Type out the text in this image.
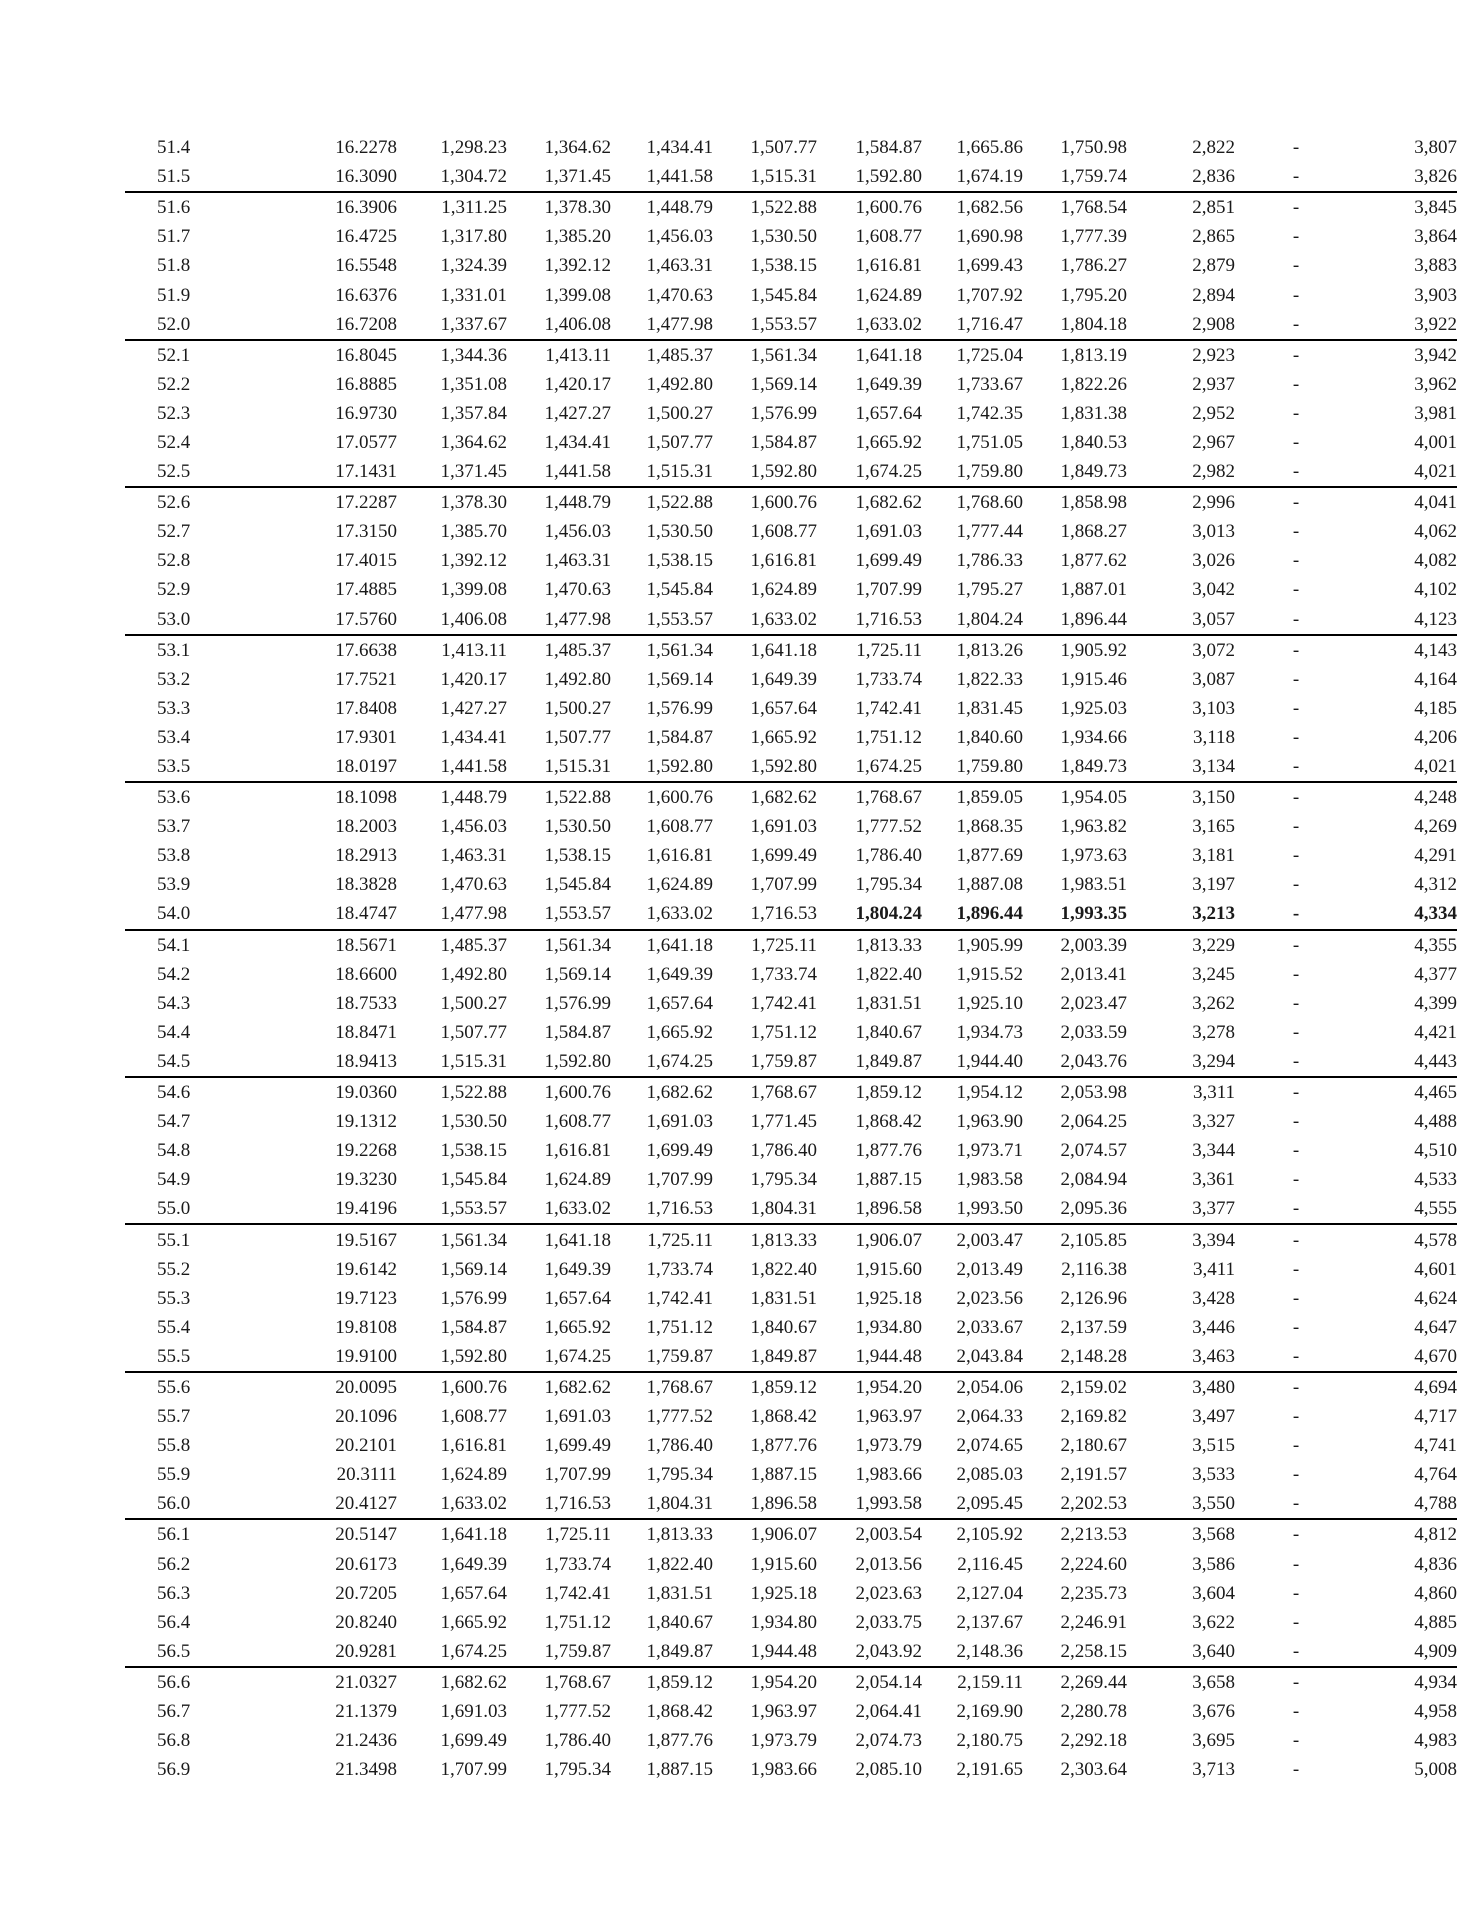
51.4	16.2278	1,298.23	1,364.62	1,434.41	1,507.77	1,584.87	1,665.86	1,750.98	2,822	-	3,807
51.5	16.3090	1,304.72	1,371.45	1,441.58	1,515.31	1,592.80	1,674.19	1,759.74	2,836	-	3,826
51.6	16.3906	1,311.25	1,378.30	1,448.79	1,522.88	1,600.76	1,682.56	1,768.54	2,851	-	3,845
51.7	16.4725	1,317.80	1,385.20	1,456.03	1,530.50	1,608.77	1,690.98	1,777.39	2,865	-	3,864
51.8	16.5548	1,324.39	1,392.12	1,463.31	1,538.15	1,616.81	1,699.43	1,786.27	2,879	-	3,883
51.9	16.6376	1,331.01	1,399.08	1,470.63	1,545.84	1,624.89	1,707.92	1,795.20	2,894	-	3,903
52.0	16.7208	1,337.67	1,406.08	1,477.98	1,553.57	1,633.02	1,716.47	1,804.18	2,908	-	3,922
52.1	16.8045	1,344.36	1,413.11	1,485.37	1,561.34	1,641.18	1,725.04	1,813.19	2,923	-	3,942
52.2	16.8885	1,351.08	1,420.17	1,492.80	1,569.14	1,649.39	1,733.67	1,822.26	2,937	-	3,962
52.3	16.9730	1,357.84	1,427.27	1,500.27	1,576.99	1,657.64	1,742.35	1,831.38	2,952	-	3,981
52.4	17.0577	1,364.62	1,434.41	1,507.77	1,584.87	1,665.92	1,751.05	1,840.53	2,967	-	4,001
52.5	17.1431	1,371.45	1,441.58	1,515.31	1,592.80	1,674.25	1,759.80	1,849.73	2,982	-	4,021
52.6	17.2287	1,378.30	1,448.79	1,522.88	1,600.76	1,682.62	1,768.60	1,858.98	2,996	-	4,041
52.7	17.3150	1,385.70	1,456.03	1,530.50	1,608.77	1,691.03	1,777.44	1,868.27	3,013	-	4,062
52.8	17.4015	1,392.12	1,463.31	1,538.15	1,616.81	1,699.49	1,786.33	1,877.62	3,026	-	4,082
52.9	17.4885	1,399.08	1,470.63	1,545.84	1,624.89	1,707.99	1,795.27	1,887.01	3,042	-	4,102
53.0	17.5760	1,406.08	1,477.98	1,553.57	1,633.02	1,716.53	1,804.24	1,896.44	3,057	-	4,123
53.1	17.6638	1,413.11	1,485.37	1,561.34	1,641.18	1,725.11	1,813.26	1,905.92	3,072	-	4,143
53.2	17.7521	1,420.17	1,492.80	1,569.14	1,649.39	1,733.74	1,822.33	1,915.46	3,087	-	4,164
53.3	17.8408	1,427.27	1,500.27	1,576.99	1,657.64	1,742.41	1,831.45	1,925.03	3,103	-	4,185
53.4	17.9301	1,434.41	1,507.77	1,584.87	1,665.92	1,751.12	1,840.60	1,934.66	3,118	-	4,206
53.5	18.0197	1,441.58	1,515.31	1,592.80	1,592.80	1,674.25	1,759.80	1,849.73	3,134	-	4,021
53.6	18.1098	1,448.79	1,522.88	1,600.76	1,682.62	1,768.67	1,859.05	1,954.05	3,150	-	4,248
53.7	18.2003	1,456.03	1,530.50	1,608.77	1,691.03	1,777.52	1,868.35	1,963.82	3,165	-	4,269
53.8	18.2913	1,463.31	1,538.15	1,616.81	1,699.49	1,786.40	1,877.69	1,973.63	3,181	-	4,291
53.9	18.3828	1,470.63	1,545.84	1,624.89	1,707.99	1,795.34	1,887.08	1,983.51	3,197	-	4,312
54.0	18.4747	1,477.98	1,553.57	1,633.02	1,716.53	1,804.24	1,896.44	1,993.35	3,213	-	4,334
54.1	18.5671	1,485.37	1,561.34	1,641.18	1,725.11	1,813.33	1,905.99	2,003.39	3,229	-	4,355
54.2	18.6600	1,492.80	1,569.14	1,649.39	1,733.74	1,822.40	1,915.52	2,013.41	3,245	-	4,377
54.3	18.7533	1,500.27	1,576.99	1,657.64	1,742.41	1,831.51	1,925.10	2,023.47	3,262	-	4,399
54.4	18.8471	1,507.77	1,584.87	1,665.92	1,751.12	1,840.67	1,934.73	2,033.59	3,278	-	4,421
54.5	18.9413	1,515.31	1,592.80	1,674.25	1,759.87	1,849.87	1,944.40	2,043.76	3,294	-	4,443
54.6	19.0360	1,522.88	1,600.76	1,682.62	1,768.67	1,859.12	1,954.12	2,053.98	3,311	-	4,465
54.7	19.1312	1,530.50	1,608.77	1,691.03	1,771.45	1,868.42	1,963.90	2,064.25	3,327	-	4,488
54.8	19.2268	1,538.15	1,616.81	1,699.49	1,786.40	1,877.76	1,973.71	2,074.57	3,344	-	4,510
54.9	19.3230	1,545.84	1,624.89	1,707.99	1,795.34	1,887.15	1,983.58	2,084.94	3,361	-	4,533
55.0	19.4196	1,553.57	1,633.02	1,716.53	1,804.31	1,896.58	1,993.50	2,095.36	3,377	-	4,555
55.1	19.5167	1,561.34	1,641.18	1,725.11	1,813.33	1,906.07	2,003.47	2,105.85	3,394	-	4,578
55.2	19.6142	1,569.14	1,649.39	1,733.74	1,822.40	1,915.60	2,013.49	2,116.38	3,411	-	4,601
55.3	19.7123	1,576.99	1,657.64	1,742.41	1,831.51	1,925.18	2,023.56	2,126.96	3,428	-	4,624
55.4	19.8108	1,584.87	1,665.92	1,751.12	1,840.67	1,934.80	2,033.67	2,137.59	3,446	-	4,647
55.5	19.9100	1,592.80	1,674.25	1,759.87	1,849.87	1,944.48	2,043.84	2,148.28	3,463	-	4,670
55.6	20.0095	1,600.76	1,682.62	1,768.67	1,859.12	1,954.20	2,054.06	2,159.02	3,480	-	4,694
55.7	20.1096	1,608.77	1,691.03	1,777.52	1,868.42	1,963.97	2,064.33	2,169.82	3,497	-	4,717
55.8	20.2101	1,616.81	1,699.49	1,786.40	1,877.76	1,973.79	2,074.65	2,180.67	3,515	-	4,741
55.9	20.3111	1,624.89	1,707.99	1,795.34	1,887.15	1,983.66	2,085.03	2,191.57	3,533	-	4,764
56.0	20.4127	1,633.02	1,716.53	1,804.31	1,896.58	1,993.58	2,095.45	2,202.53	3,550	-	4,788
56.1	20.5147	1,641.18	1,725.11	1,813.33	1,906.07	2,003.54	2,105.92	2,213.53	3,568	-	4,812
56.2	20.6173	1,649.39	1,733.74	1,822.40	1,915.60	2,013.56	2,116.45	2,224.60	3,586	-	4,836
56.3	20.7205	1,657.64	1,742.41	1,831.51	1,925.18	2,023.63	2,127.04	2,235.73	3,604	-	4,860
56.4	20.8240	1,665.92	1,751.12	1,840.67	1,934.80	2,033.75	2,137.67	2,246.91	3,622	-	4,885
56.5	20.9281	1,674.25	1,759.87	1,849.87	1,944.48	2,043.92	2,148.36	2,258.15	3,640	-	4,909
56.6	21.0327	1,682.62	1,768.67	1,859.12	1,954.20	2,054.14	2,159.11	2,269.44	3,658	-	4,934
56.7	21.1379	1,691.03	1,777.52	1,868.42	1,963.97	2,064.41	2,169.90	2,280.78	3,676	-	4,958
56.8	21.2436	1,699.49	1,786.40	1,877.76	1,973.79	2,074.73	2,180.75	2,292.18	3,695	-	4,983
56.9	21.3498	1,707.99	1,795.34	1,887.15	1,983.66	2,085.10	2,191.65	2,303.64	3,713	-	5,008
